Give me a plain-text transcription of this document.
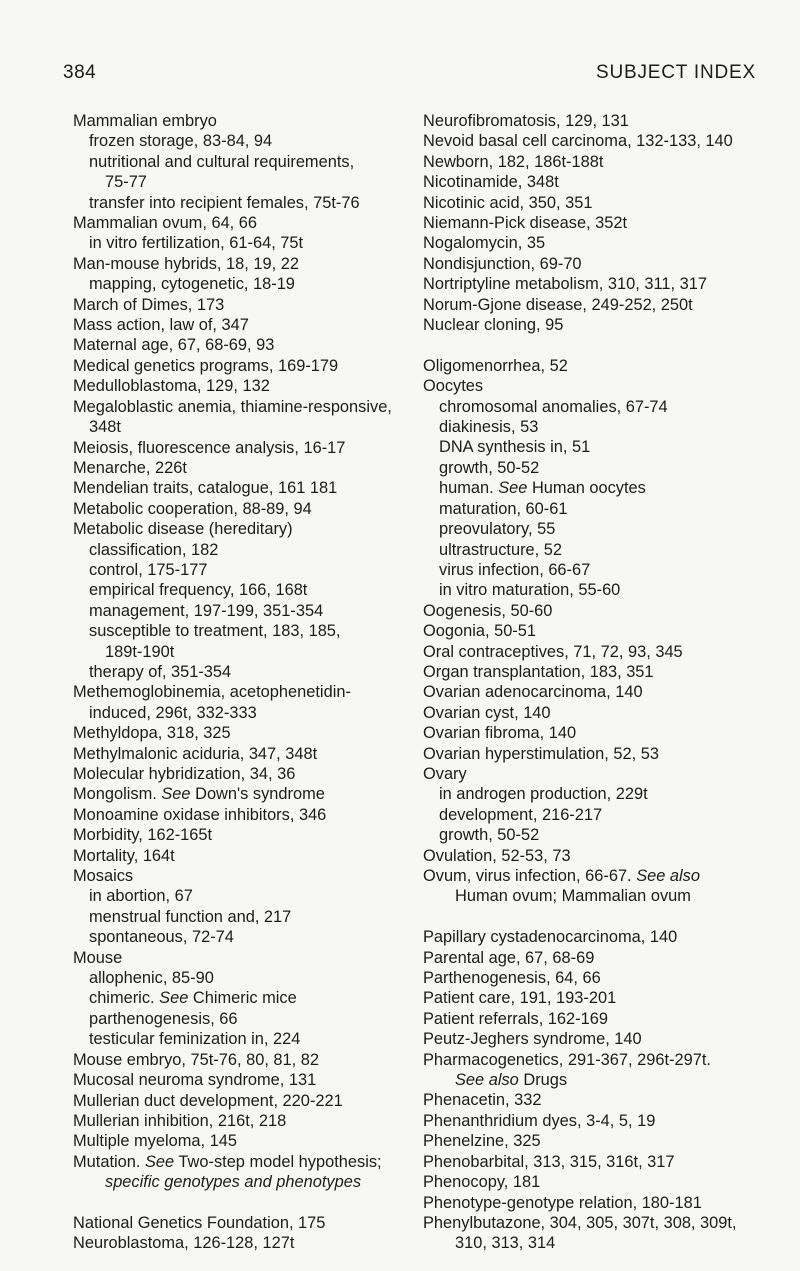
384	SUBJECT INDEX
Mammalian embryo
frozen storage, 83-84, 94
nutritional and cultural requirements,
75-77
transfer into recipient females, 75t-76
Mammalian ovum, 64, 66
in vitro fertilization, 61-64, 75t
Man-mouse hybrids, 18, 19, 22
mapping, cytogenetic, 18-19
March of Dimes, 173
Mass action, law of, 347
Maternal age, 67, 68-69, 93
Medical genetics programs, 169-179
Medulloblastoma, 129, 132
Megaloblastic anemia, thiamine-responsive,
348t
Meiosis, fluorescence analysis, 16-17
Menarche, 226t
Mendelian traits, catalogue, 161 181
Metabolic cooperation, 88-89, 94
Metabolic disease (hereditary)
classification, 182
control, 175-177
empirical frequency, 166, 168t
management, 197-199, 351-354
susceptible to treatment, 183, 185,
189t-190t
therapy of, 351-354
Methemoglobinemia, acetophenetidin-
induced, 296t, 332-333
Methyldopa, 318, 325
Methylmalonic aciduria, 347, 348t
Molecular hybridization, 34, 36
Mongolism. See Down's syndrome
Monoamine oxidase inhibitors, 346
Morbidity, 162-165t
Mortality, 164t
Mosaics
in abortion, 67
menstrual function and, 217
spontaneous, 72-74
Mouse
allophenic, 85-90
chimeric. See Chimeric mice
parthenogenesis, 66
testicular feminization in, 224
Mouse embryo, 75t-76, 80, 81, 82
Mucosal neuroma syndrome, 131
Mullerian duct development, 220-221
Mullerian inhibition, 216t, 218
Multiple myeloma, 145
Mutation. See Two-step model hypothesis;
specific genotypes and phenotypes
National Genetics Foundation, 175
Neuroblastoma, 126-128, 127t
Neurofibromatosis, 129, 131
Nevoid basal cell carcinoma, 132-133, 140
Newborn, 182, 186t-188t
Nicotinamide, 348t
Nicotinic acid, 350, 351
Niemann-Pick disease, 352t
Nogalomycin, 35
Nondisjunction, 69-70
Nortriptyline metabolism, 310, 311, 317
Norum-Gjone disease, 249-252, 250t
Nuclear cloning, 95
Oligomenorrhea, 52
Oocytes
chromosomal anomalies, 67-74
diakinesis, 53
DNA synthesis in, 51
growth, 50-52
human. See Human oocytes
maturation, 60-61
preovulatory, 55
ultrastructure, 52
virus infection, 66-67
in vitro maturation, 55-60
Oogenesis, 50-60
Oogonia, 50-51
Oral contraceptives, 71, 72, 93, 345
Organ transplantation, 183, 351
Ovarian adenocarcinoma, 140
Ovarian cyst, 140
Ovarian fibroma, 140
Ovarian hyperstimulation, 52, 53
Ovary
in androgen production, 229t
development, 216-217
growth, 50-52
Ovulation, 52-53, 73
Ovum, virus infection, 66-67. See also
Human ovum; Mammalian ovum
Papillary cystadenocarcinoma, 140
Parental age, 67, 68-69
Parthenogenesis, 64, 66
Patient care, 191, 193-201
Patient referrals, 162-169
Peutz-Jeghers syndrome, 140
Pharmacogenetics, 291-367, 296t-297t.
See also Drugs
Phenacetin, 332
Phenanthridium dyes, 3-4, 5, 19
Phenelzine, 325
Phenobarbital, 313, 315, 316t, 317
Phenocopy, 181
Phenotype-genotype relation, 180-181
Phenylbutazone, 304, 305, 307t, 308, 309t,
310, 313, 314
